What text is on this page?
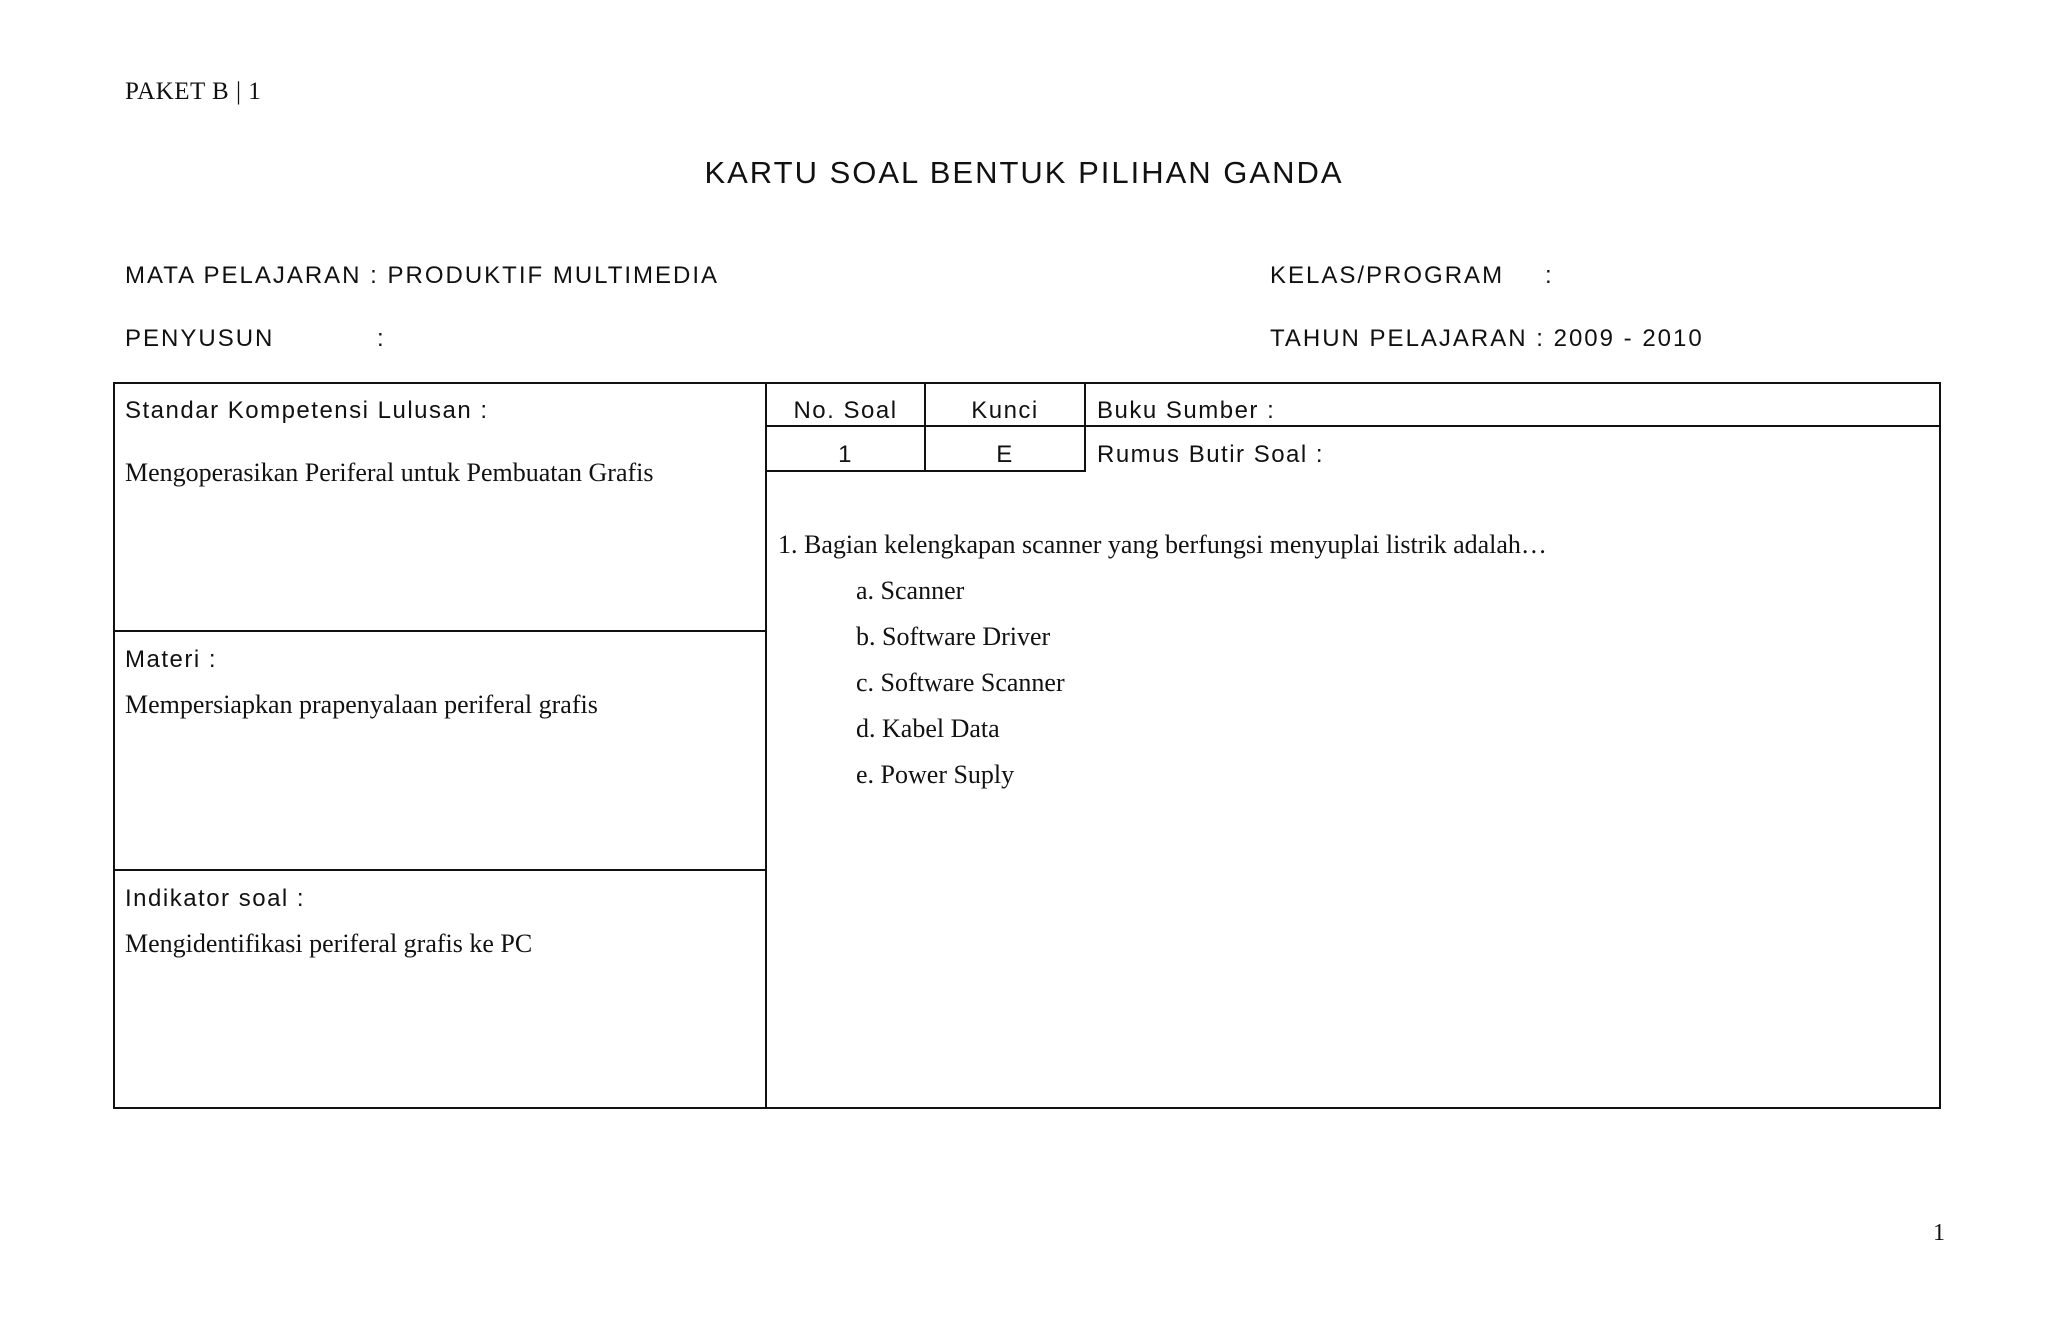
PAKET B | 1
KARTU SOAL BENTUK PILIHAN GANDA
MATA PELAJARAN : PRODUKTIF MULTIMEDIA
PENYUSUN	:
KELAS/PROGRAM :
TAHUN PELAJARAN : 2009 - 2010
Standar Kompetensi Lulusan :
Mengoperasikan Periferal untuk Pembuatan Grafis
Materi :
Mempersiapkan prapenyalaan periferal grafis
Indikator soal :
Mengidentifikasi periferal grafis ke PC
No. Soal	Kunci
1	E
Buku Sumber :
Rumus Butir Soal :
1. Bagian kelengkapan scanner yang berfungsi menyuplai listrik adalah…
a. Scanner
b. Software Driver
c. Software Scanner
d. Kabel Data
e. Power Suply
1
